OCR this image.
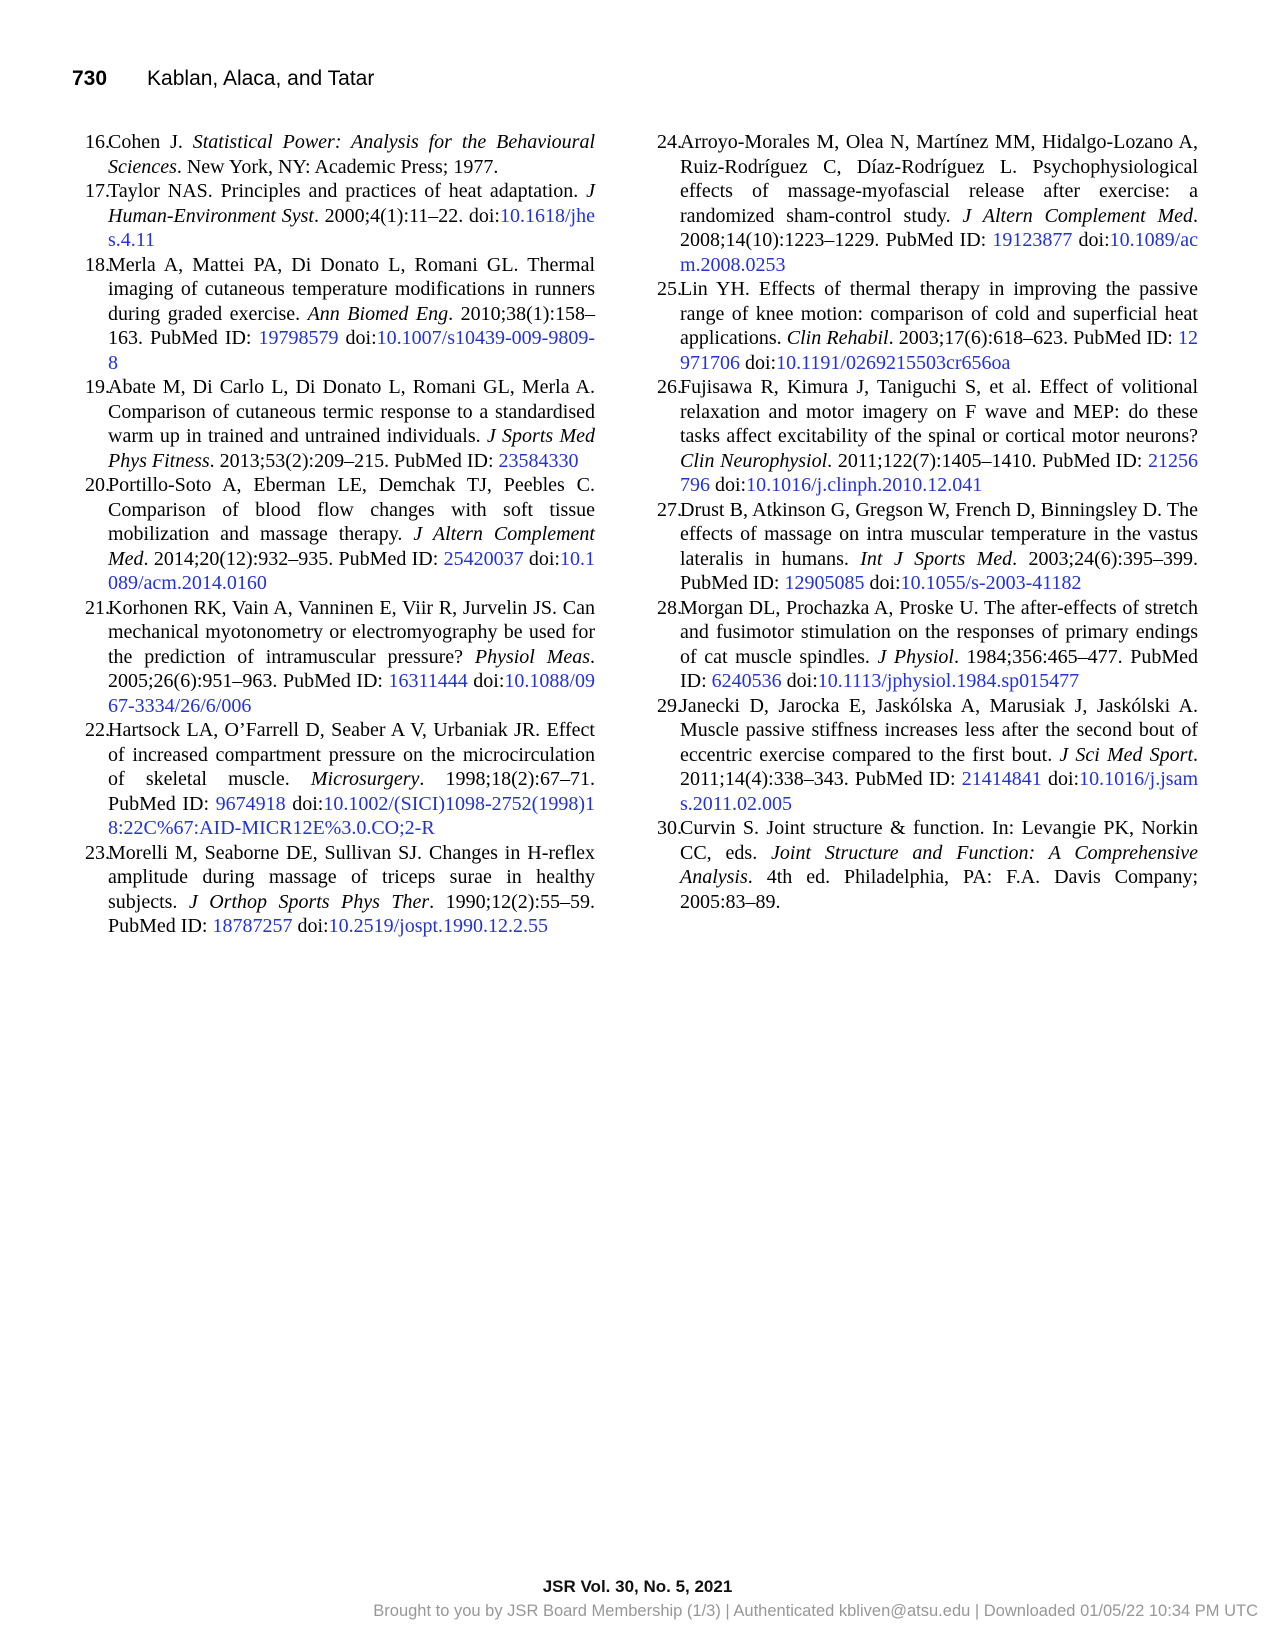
730 Kablan, Alaca, and Tatar
16.
Cohen J. Statistical Power: Analysis for the Behavioural Sciences. New York, NY: Academic Press; 1977.
17.
Taylor NAS. Principles and practices of heat adaptation. J Human-Environment Syst. 2000;4(1):11–22. doi:10.1618/jhes.4.11
18.
Merla A, Mattei PA, Di Donato L, Romani GL. Thermal imaging of cutaneous temperature modifications in runners during graded exercise. Ann Biomed Eng. 2010;38(1):158–163. PubMed ID: 19798579 doi:10.1007/s10439-009-9809-8
19.
Abate M, Di Carlo L, Di Donato L, Romani GL, Merla A. Comparison of cutaneous termic response to a standardised warm up in trained and untrained individuals. J Sports Med Phys Fitness. 2013;53(2):209–215. PubMed ID: 23584330
20.
Portillo-Soto A, Eberman LE, Demchak TJ, Peebles C. Comparison of blood flow changes with soft tissue mobilization and massage therapy. J Altern Complement Med. 2014;20(12):932–935. PubMed ID: 25420037 doi:10.1089/acm.2014.0160
21.
Korhonen RK, Vain A, Vanninen E, Viir R, Jurvelin JS. Can mechanical myotonometry or electromyography be used for the prediction of intramuscular pressure? Physiol Meas. 2005;26(6):951–963. PubMed ID: 16311444 doi:10.1088/0967-3334/26/6/006
22.
Hartsock LA, O’Farrell D, Seaber A V, Urbaniak JR. Effect of increased compartment pressure on the microcirculation of skeletal muscle. Microsurgery. 1998;18(2):67–71. PubMed ID: 9674918 doi:10.1002/(SICI)1098-2752(1998)18:22C%67:AID-MICR12E%3.0.CO;2-R
23.
Morelli M, Seaborne DE, Sullivan SJ. Changes in H-reflex amplitude during massage of triceps surae in healthy subjects. J Orthop Sports Phys Ther. 1990;12(2):55–59. PubMed ID: 18787257 doi:10.2519/jospt.1990.12.2.55
24.
Arroyo-Morales M, Olea N, Martínez MM, Hidalgo-Lozano A, Ruiz-Rodríguez C, Díaz-Rodríguez L. Psychophysiological effects of massage-myofascial release after exercise: a randomized sham-control study. J Altern Complement Med. 2008;14(10):1223–1229. PubMed ID: 19123877 doi:10.1089/acm.2008.0253
25.
Lin YH. Effects of thermal therapy in improving the passive range of knee motion: comparison of cold and superficial heat applications. Clin Rehabil. 2003;17(6):618–623. PubMed ID: 12971706 doi:10.1191/0269215503cr656oa
26.
Fujisawa R, Kimura J, Taniguchi S, et al. Effect of volitional relaxation and motor imagery on F wave and MEP: do these tasks affect excitability of the spinal or cortical motor neurons? Clin Neurophysiol. 2011;122(7):1405–1410. PubMed ID: 21256796 doi:10.1016/j.clinph.2010.12.041
27.
Drust B, Atkinson G, Gregson W, French D, Binningsley D. The effects of massage on intra muscular temperature in the vastus lateralis in humans. Int J Sports Med. 2003;24(6):395–399. PubMed ID: 12905085 doi:10.1055/s-2003-41182
28.
Morgan DL, Prochazka A, Proske U. The after-effects of stretch and fusimotor stimulation on the responses of primary endings of cat muscle spindles. J Physiol. 1984;356:465–477. PubMed ID: 6240536 doi:10.1113/jphysiol.1984.sp015477
29.
Janecki D, Jarocka E, Jaskólska A, Marusiak J, Jaskólski A. Muscle passive stiffness increases less after the second bout of eccentric exercise compared to the first bout. J Sci Med Sport. 2011;14(4):338–343. PubMed ID: 21414841 doi:10.1016/j.jsams.2011.02.005
30.
Curvin S. Joint structure & function. In: Levangie PK, Norkin CC, eds. Joint Structure and Function: A Comprehensive Analysis. 4th ed. Philadelphia, PA: F.A. Davis Company; 2005:83–89.
JSR Vol. 30, No. 5, 2021
Brought to you by JSR Board Membership (1/3) | Authenticated kbliven@atsu.edu | Downloaded 01/05/22 10:34 PM UTC
